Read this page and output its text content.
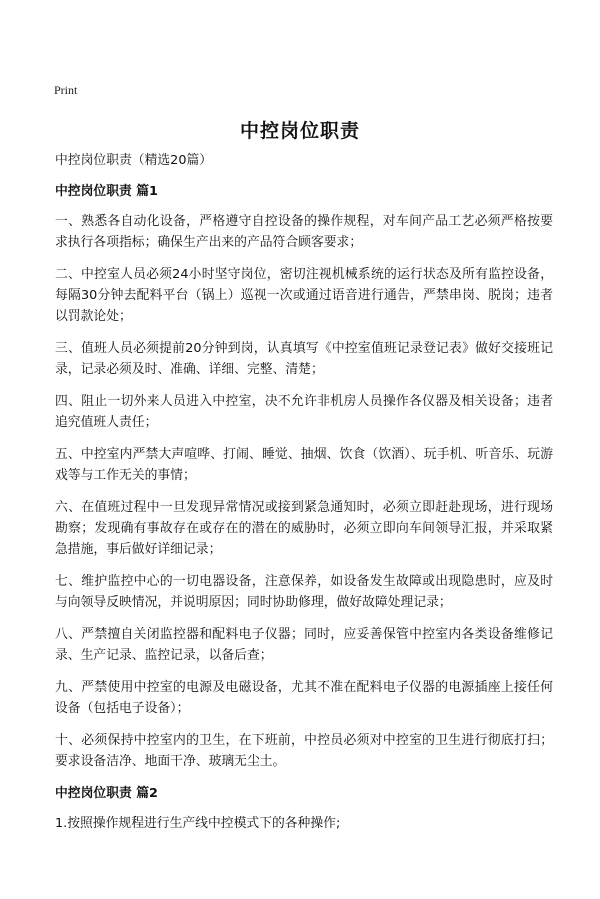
Print
中控岗位职责

中控岗位职责（精选20篇）

中控岗位职责 篇1

一、熟悉各自动化设备，严格遵守自控设备的操作规程，对车间产品工艺必须严格按要求执行各项指标；确保生产出来的产品符合顾客要求；

二、中控室人员必须24小时坚守岗位，密切注视机械系统的运行状态及所有监控设备，每隔30分钟去配料平台（锅上）巡视一次或通过语音进行通告，严禁串岗、脱岗；违者以罚款论处；

三、值班人员必须提前20分钟到岗，认真填写《中控室值班记录登记表》做好交接班记录，记录必须及时、准确、详细、完整、清楚；

四、阻止一切外来人员进入中控室，决不允许非机房人员操作各仪器及相关设备；违者追究值班人责任；

五、中控室内严禁大声喧哗、打闹、睡觉、抽烟、饮食（饮酒）、玩手机、听音乐、玩游戏等与工作无关的事情；

六、在值班过程中一旦发现异常情况或接到紧急通知时，必须立即赶赴现场，进行现场勘察；发现确有事故存在或存在的潜在的威胁时，必须立即向车间领导汇报，并采取紧急措施，事后做好详细记录；

七、维护监控中心的一切电器设备，注意保养，如设备发生故障或出现隐患时，应及时与向领导反映情况，并说明原因；同时协助修理，做好故障处理记录；

八、严禁擅自关闭监控器和配料电子仪器；同时，应妥善保管中控室内各类设备维修记录、生产记录、监控记录，以备后查；

九、严禁使用中控室的电源及电磁设备，尤其不准在配料电子仪器的电源插座上接任何设备（包括电子设备）；

十、必须保持中控室内的卫生，在下班前，中控员必须对中控室的卫生进行彻底打扫；要求设备洁净、地面干净、玻璃无尘土。

中控岗位职责 篇2

1.按照操作规程进行生产线中控模式下的各种操作;
